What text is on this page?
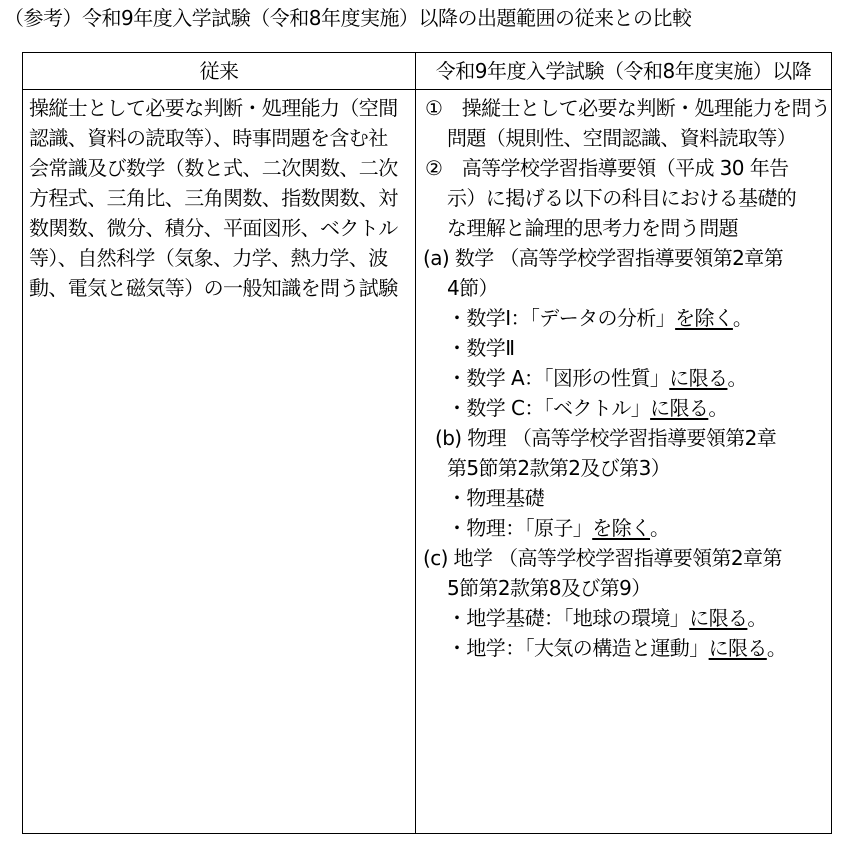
（参考）令和9年度入学試験（令和8年度実施）以降の出題範囲の従来との比較
従来	令和9年度入学試験（令和8年度実施）以降
操縦士として必要な判断・処理能力（空間
認識、資料の読取等）、時事問題を含む社
会常識及び数学（数と式、二次関数、二次
方程式、三角比、三角関数、指数関数、対
数関数、微分、積分、平面図形、ベクトル
等）、自然科学（気象、力学、熱力学、波
動、電気と磁気等）の一般知識を問う試験
①　操縦士として必要な判断・処理能力を問う
問題（規則性、空間認識、資料読取等）
②　高等学校学習指導要領（平成 30 年告
示）に掲げる以下の科目における基礎的
な理解と論理的思考力を問う問題
(a) 数学 （高等学校学習指導要領第2章第
4節）
・数学Ⅰ：「データの分析」を除く。
・数学Ⅱ
・数学 A：「図形の性質」に限る。
・数学 C：「ベクトル」に限る。
(b) 物理 （高等学校学習指導要領第2章
第5節第2款第2及び第3）
・物理基礎
・物理：「原子」を除く。
(c) 地学 （高等学校学習指導要領第2章第
5節第2款第8及び第9）
・地学基礎：「地球の環境」に限る。
・地学：「大気の構造と運動」に限る。
